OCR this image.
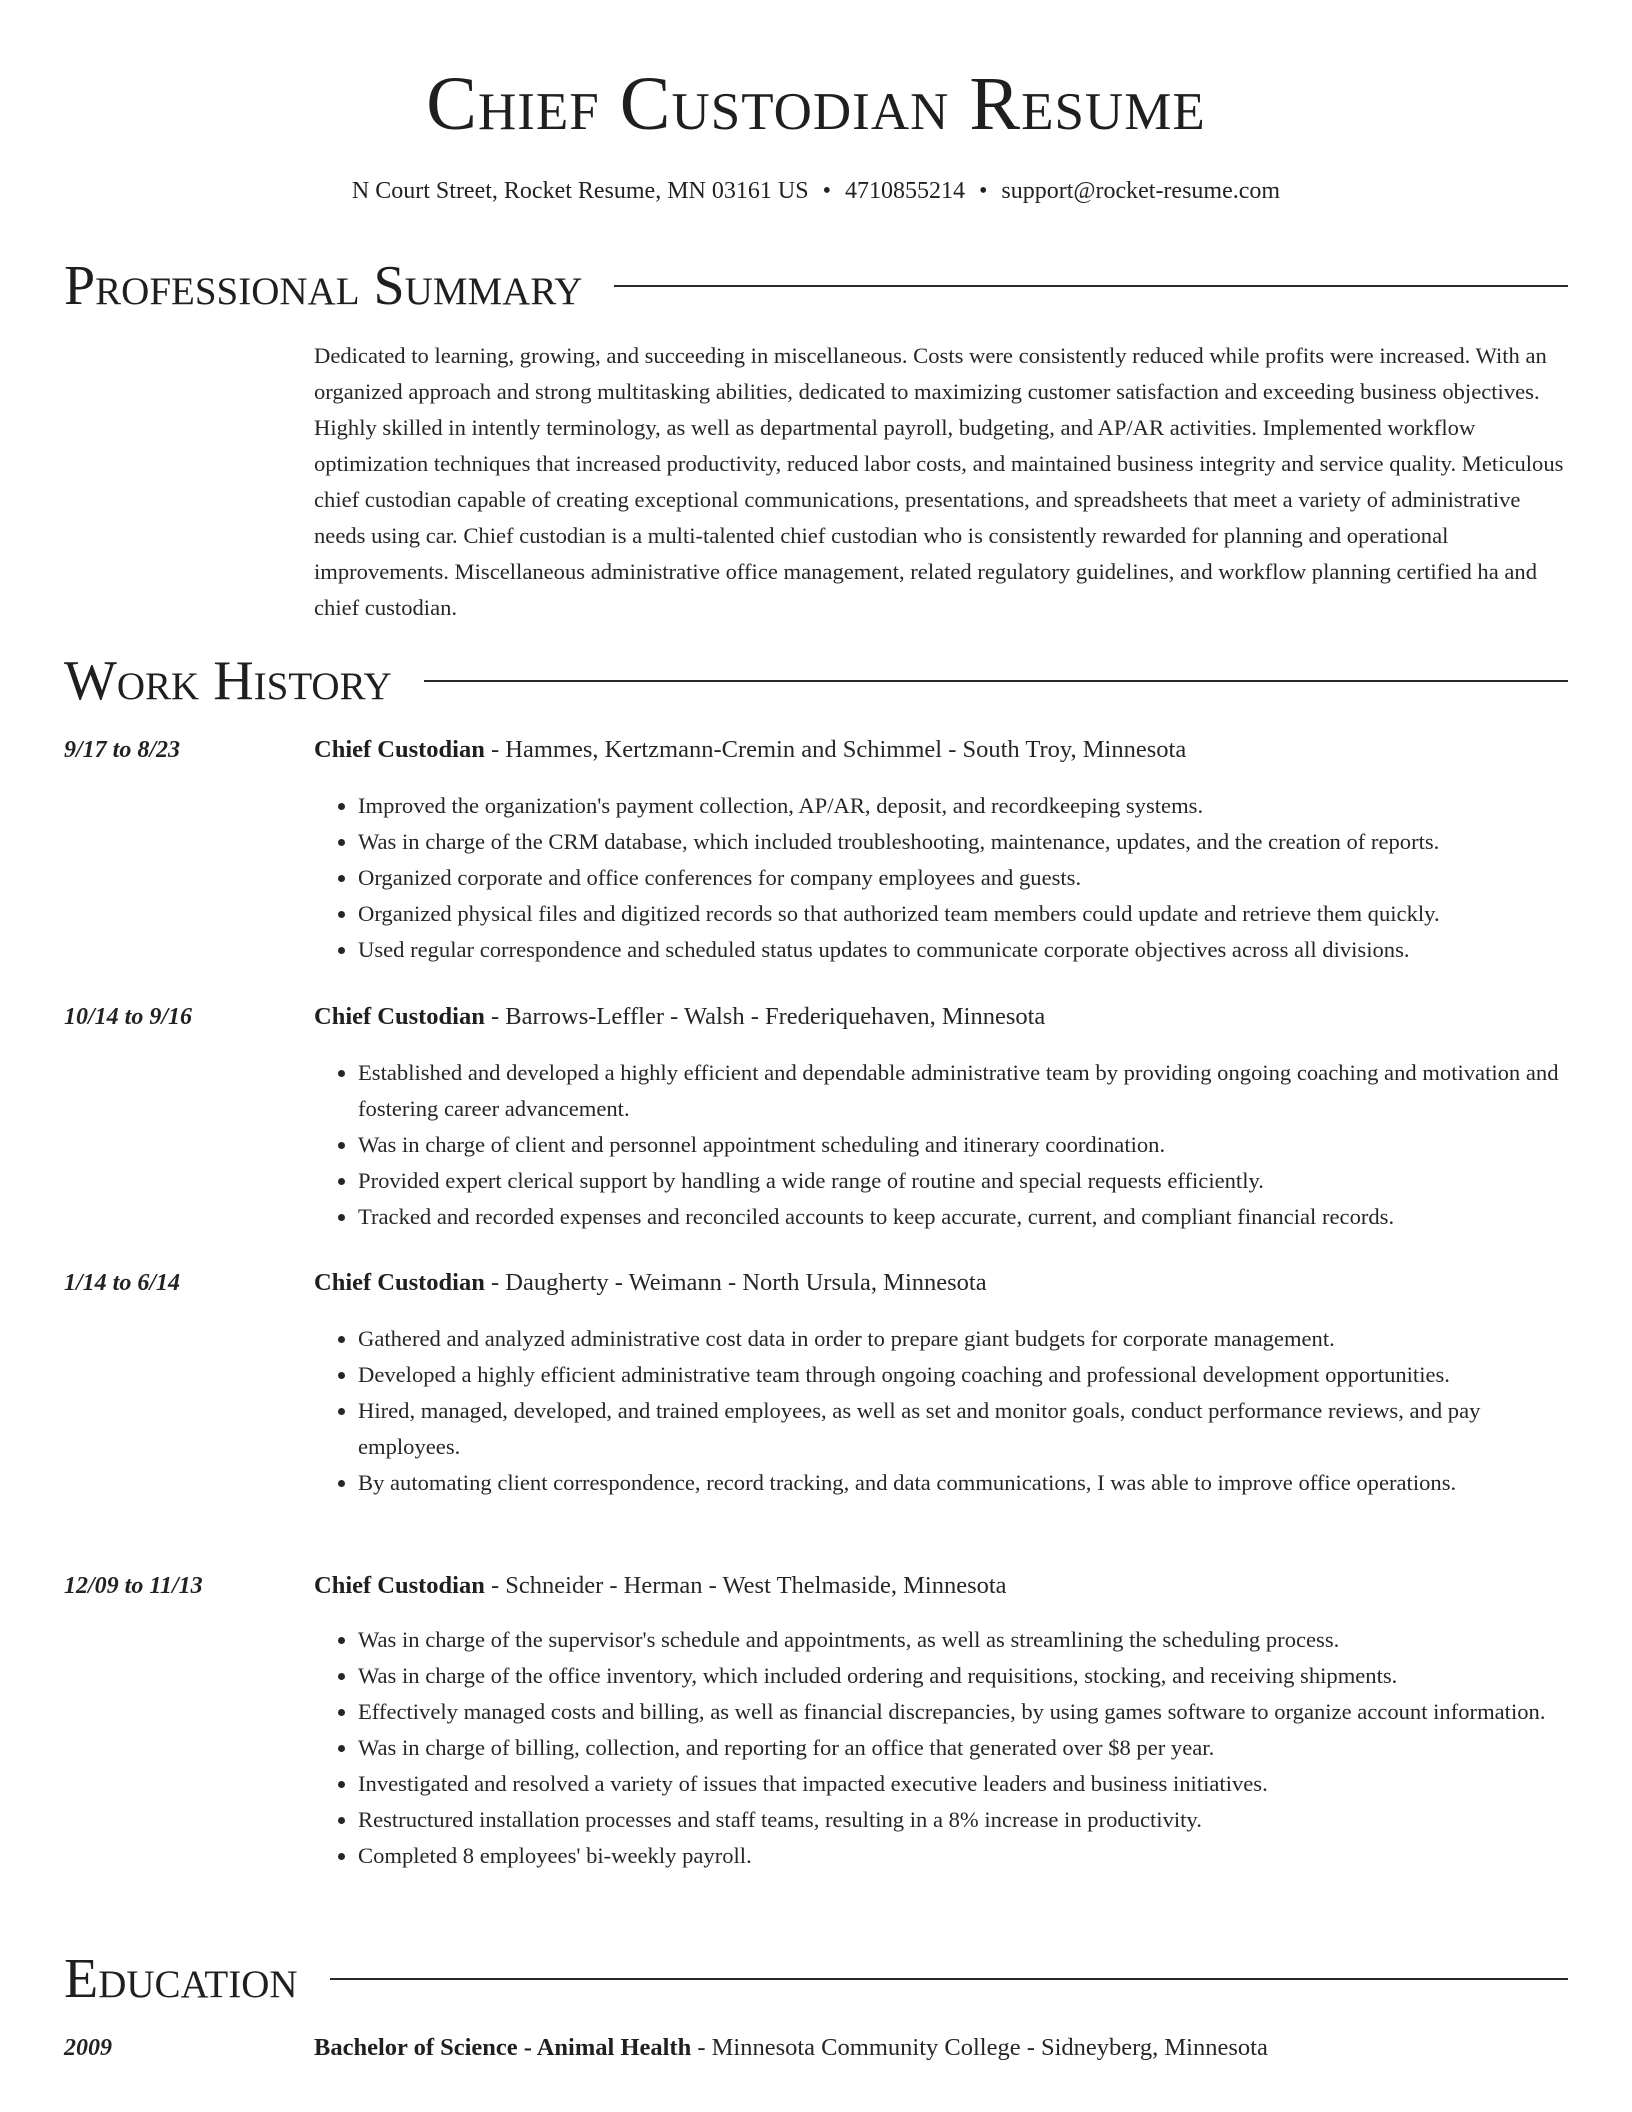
Chief Custodian Resume
N Court Street, Rocket Resume, MN 03161 US • 4710855214 • support@rocket-resume.com
Professional Summary

Dedicated to learning, growing, and succeeding in miscellaneous. Costs were consistently reduced while profits were increased. With an organized approach and strong multitasking abilities, dedicated to maximizing customer satisfaction and exceeding business objectives. Highly skilled in intently terminology, as well as departmental payroll, budgeting, and AP/AR activities. Implemented workflow optimization techniques that increased productivity, reduced labor costs, and maintained business integrity and service quality. Meticulous chief custodian capable of creating exceptional communications, presentations, and spreadsheets that meet a variety of administrative needs using car. Chief custodian is a multi-talented chief custodian who is consistently rewarded for planning and operational improvements. Miscellaneous administrative office management, related regulatory guidelines, and workflow planning certified ha and chief custodian.

Work History
9/17 to 8/23	Chief Custodian - Hammes, Kertzmann-Cremin and Schimmel - South Troy, Minnesota
• Improved the organization's payment collection, AP/AR, deposit, and recordkeeping systems.
• Was in charge of the CRM database, which included troubleshooting, maintenance, updates, and the creation of reports.
• Organized corporate and office conferences for company employees and guests.
• Organized physical files and digitized records so that authorized team members could update and retrieve them quickly.
• Used regular correspondence and scheduled status updates to communicate corporate objectives across all divisions.
10/14 to 9/16	Chief Custodian - Barrows-Leffler - Walsh - Frederiquehaven, Minnesota
• Established and developed a highly efficient and dependable administrative team by providing ongoing coaching and motivation and fostering career advancement.
• Was in charge of client and personnel appointment scheduling and itinerary coordination.
• Provided expert clerical support by handling a wide range of routine and special requests efficiently.
• Tracked and recorded expenses and reconciled accounts to keep accurate, current, and compliant financial records.
1/14 to 6/14	Chief Custodian - Daugherty - Weimann - North Ursula, Minnesota
• Gathered and analyzed administrative cost data in order to prepare giant budgets for corporate management.
• Developed a highly efficient administrative team through ongoing coaching and professional development opportunities.
• Hired, managed, developed, and trained employees, as well as set and monitor goals, conduct performance reviews, and pay employees.
• By automating client correspondence, record tracking, and data communications, I was able to improve office operations.
12/09 to 11/13	Chief Custodian - Schneider - Herman - West Thelmaside, Minnesota
• Was in charge of the supervisor's schedule and appointments, as well as streamlining the scheduling process.
• Was in charge of the office inventory, which included ordering and requisitions, stocking, and receiving shipments.
• Effectively managed costs and billing, as well as financial discrepancies, by using games software to organize account information.
• Was in charge of billing, collection, and reporting for an office that generated over $8 per year.
• Investigated and resolved a variety of issues that impacted executive leaders and business initiatives.
• Restructured installation processes and staff teams, resulting in a 8% increase in productivity.
• Completed 8 employees' bi-weekly payroll.
Education
2009	Bachelor of Science - Animal Health - Minnesota Community College - Sidneyberg, Minnesota
